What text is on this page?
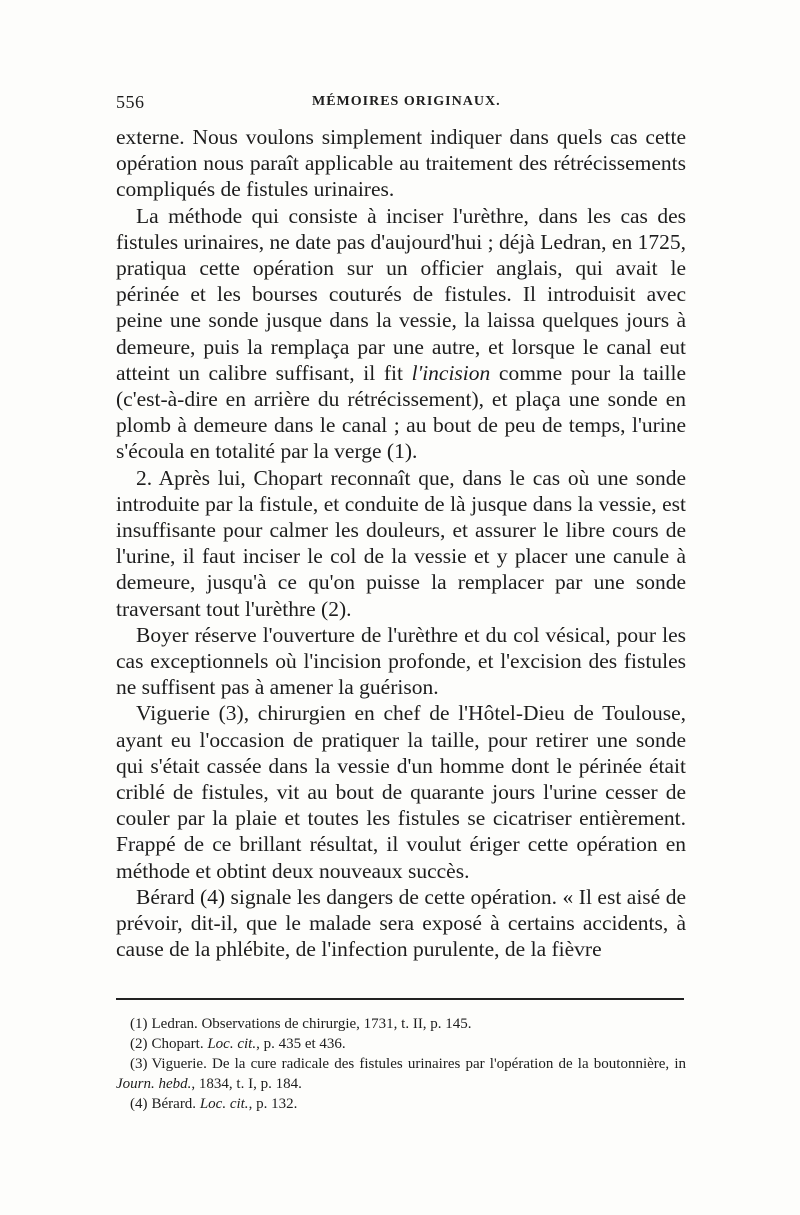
556	MÉMOIRES ORIGINAUX.

externe. Nous voulons simplement indiquer dans quels cas cette opération nous paraît applicable au traitement des rétrécissements compliqués de fistules urinaires.

La méthode qui consiste à inciser l'urèthre, dans les cas des fistules urinaires, ne date pas d'aujourd'hui ; déjà Ledran, en 1725, pratiqua cette opération sur un officier anglais, qui avait le périnée et les bourses couturés de fistules. Il introduisit avec peine une sonde jusque dans la vessie, la laissa quelques jours à demeure, puis la remplaça par une autre, et lorsque le canal eut atteint un calibre suffisant, il fit l'incision comme pour la taille (c'est-à-dire en arrière du rétrécissement), et plaça une sonde en plomb à demeure dans le canal ; au bout de peu de temps, l'urine s'écoula en totalité par la verge (1).

2. Après lui, Chopart reconnaît que, dans le cas où une sonde introduite par la fistule, et conduite de là jusque dans la vessie, est insuffisante pour calmer les douleurs, et assurer le libre cours de l'urine, il faut inciser le col de la vessie et y placer une canule à demeure, jusqu'à ce qu'on puisse la remplacer par une sonde traversant tout l'urèthre (2).

Boyer réserve l'ouverture de l'urèthre et du col vésical, pour les cas exceptionnels où l'incision profonde, et l'excision des fistules ne suffisent pas à amener la guérison.

Viguerie (3), chirurgien en chef de l'Hôtel-Dieu de Toulouse, ayant eu l'occasion de pratiquer la taille, pour retirer une sonde qui s'était cassée dans la vessie d'un homme dont le périnée était criblé de fistules, vit au bout de quarante jours l'urine cesser de couler par la plaie et toutes les fistules se cicatriser entièrement. Frappé de ce brillant résultat, il voulut ériger cette opération en méthode et obtint deux nouveaux succès.

Bérard (4) signale les dangers de cette opération. « Il est aisé de prévoir, dit-il, que le malade sera exposé à certains accidents, à cause de la phlébite, de l'infection purulente, de la fièvre

(1) Ledran. Observations de chirurgie, 1731, t. II, p. 145.

(2) Chopart. Loc. cit., p. 435 et 436.

(3) Viguerie. De la cure radicale des fistules urinaires par l'opération de la boutonnière, in Journ. hebd., 1834, t. I, p. 184.

(4) Bérard. Loc. cit., p. 132.
